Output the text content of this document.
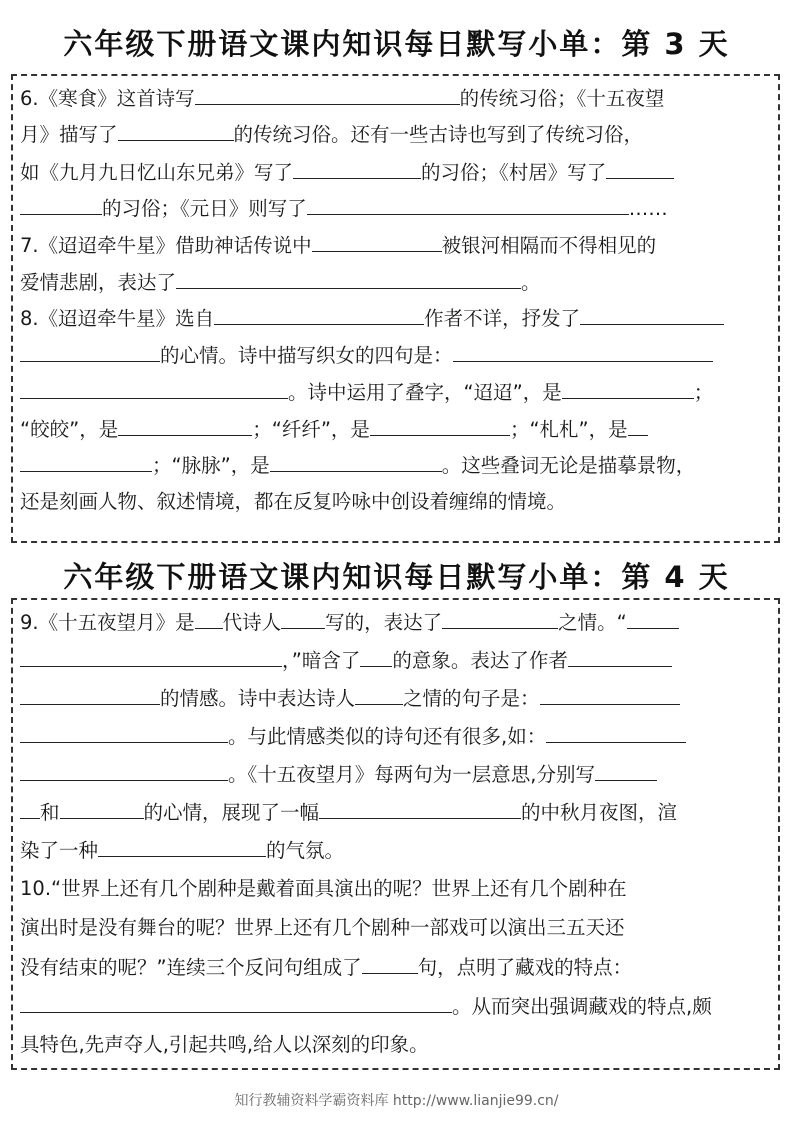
六年级下册语文课内知识每日默写小单：第 3 天
6.《寒食》这首诗写	的传统习俗；《十五夜望
月》描写了	的传统习俗。还有一些古诗也写到了传统习俗，
如《九月九日忆山东兄弟》写了	的习俗；《村居》写了
的习俗；《元日》则写了	……
7.《迢迢牵牛星》借助神话传说中	被银河相隔而不得相见的
爱情悲剧，表达了	。
8.《迢迢牵牛星》选自	作者不详，抒发了
的心情。诗中描写织女的四句是：
。诗中运用了叠字，“迢迢”，是	；
“皎皎”，是	；“纤纤”，是	；“札札”，是
；“脉脉”，是	。这些叠词无论是描摹景物，
还是刻画人物、叙述情境，都在反复吟咏中创设着缠绵的情境。
六年级下册语文课内知识每日默写小单：第 4 天
9.《十五夜望月》是 代诗人 写的，表达了	之情。“
，”暗含了 的意象。表达了作者
的情感。诗中表达诗人 之情的句子是：
。与此情感类似的诗句还有很多,如：
。《十五夜望月》每两句为一层意思,分别写
和	的心情，展现了一幅	的中秋月夜图，渲
染了一种	的气氛。
10.“世界上还有几个剧种是戴着面具演出的呢？世界上还有几个剧种在
演出时是没有舞台的呢？世界上还有几个剧种一部戏可以演出三五天还
没有结束的呢？”连续三个反问句组成了	句，点明了藏戏的特点：
。从而突出强调藏戏的特点,颇
具特色,先声夺人,引起共鸣,给人以深刻的印象。
知行教辅资料学霸资料库 http://www.lianjie99.cn/
